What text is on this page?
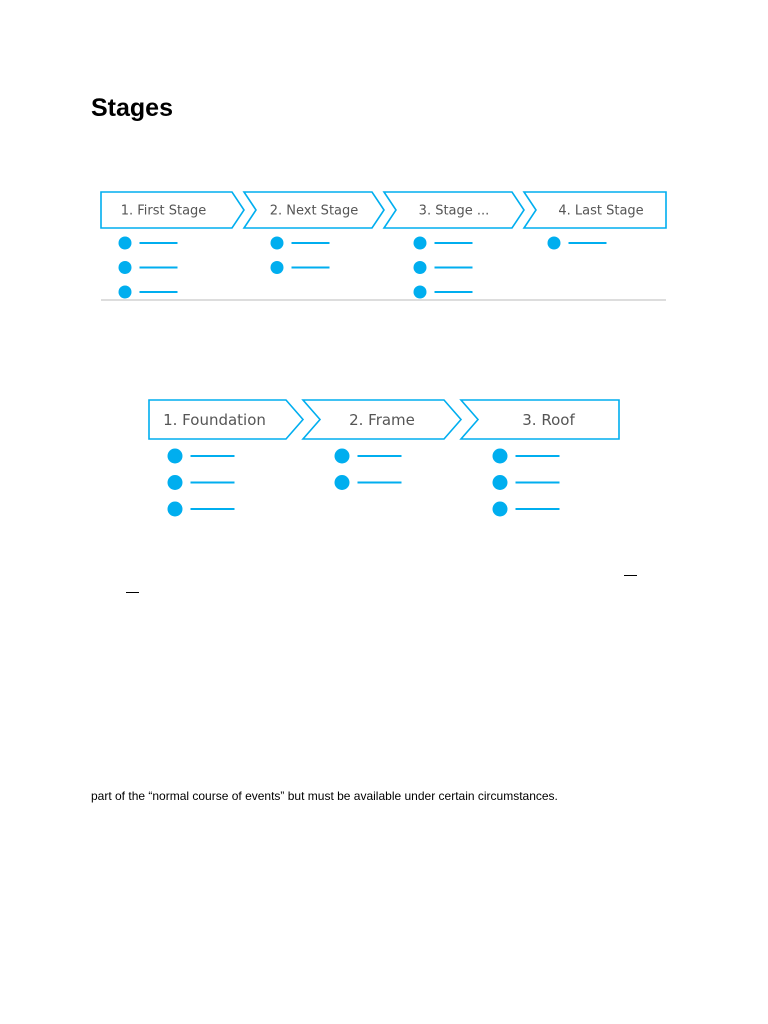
Stages
1. First Stage	2. Next Stage	3. Stage ...	4. Last Stage
1. Foundation	2. Frame	3. Roof

part of the “normal course of events” but must be available under certain circumstances.
